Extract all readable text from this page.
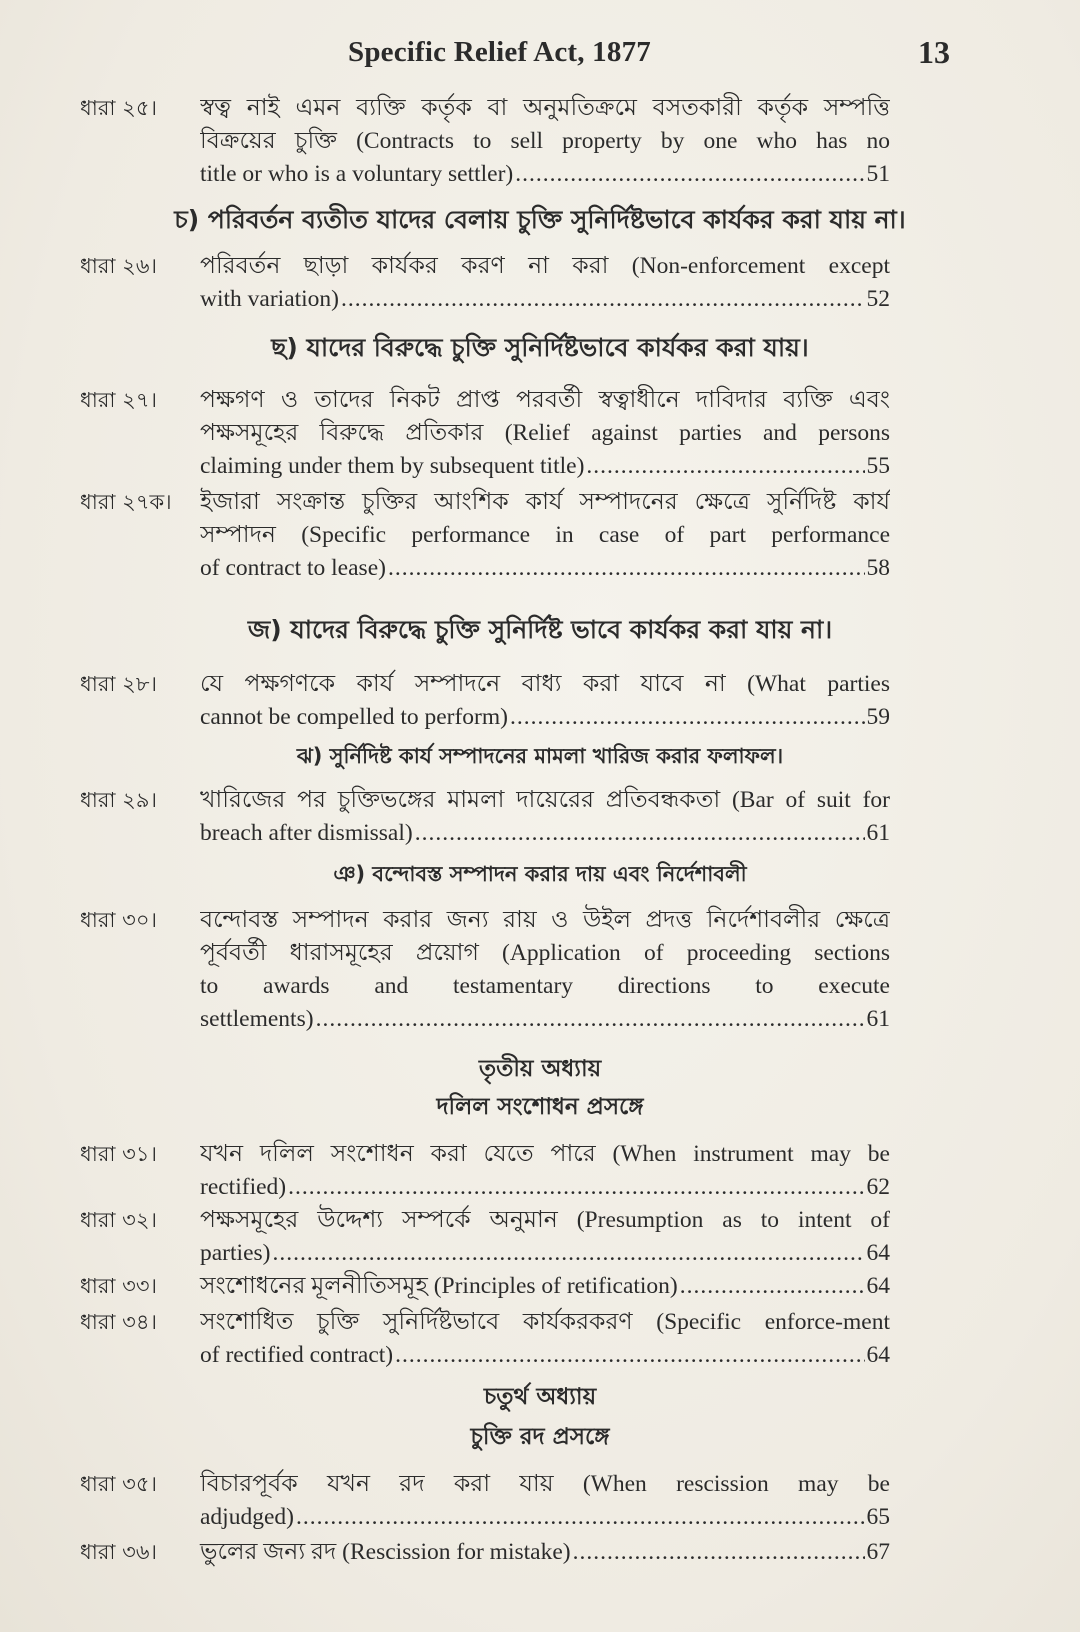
Specific Relief Act, 1877	13
ধারা ২৫।	স্বত্ব নাই এমন ব্যক্তি কর্তৃক বা অনুমতিক্রমে বসতকারী কর্তৃক সম্পত্তি
বিক্রয়ের চুক্তি (Contracts to sell property by one who has no
title or who is a voluntary settler) .....	51
চ) পরিবর্তন ব্যতীত যাদের বেলায় চুক্তি সুনির্দিষ্টভাবে কার্যকর করা যায় না।
ধারা ২৬।	পরিবর্তন ছাড়া কার্যকর করণ না করা (Non-enforcement except
with variation) .....	52
ছ) যাদের বিরুদ্ধে চুক্তি সুনির্দিষ্টভাবে কার্যকর করা যায়।
ধারা ২৭।	পক্ষগণ ও তাদের নিকট প্রাপ্ত পরবর্তী স্বত্বাধীনে দাবিদার ব্যক্তি এবং
পক্ষসমূহের বিরুদ্ধে প্রতিকার (Relief against parties and persons
claiming under them by subsequent title) .....	55
ধারা ২৭ক।	ইজারা সংক্রান্ত চুক্তির আংশিক কার্য সম্পাদনের ক্ষেত্রে সুর্নিদিষ্ট কার্য
সম্পাদন (Specific performance in case of part performance
of contract to lease) .....	58
জ) যাদের বিরুদ্ধে চুক্তি সুনির্দিষ্ট ভাবে কার্যকর করা যায় না।
ধারা ২৮।	যে পক্ষগণকে কার্য সম্পাদনে বাধ্য করা যাবে না (What parties
cannot be compelled to perform) .....	59
ঝ) সুর্নিদিষ্ট কার্য সম্পাদনের মামলা খারিজ করার ফলাফল।
ধারা ২৯।	খারিজের পর চুক্তিভঙ্গের মামলা দায়েরের প্রতিবন্ধকতা (Bar of suit for
breach after dismissal) .....	61
ঞ) বন্দোবস্ত সম্পাদন করার দায় এবং নির্দেশাবলী
ধারা ৩০।	বন্দোবস্ত সম্পাদন করার জন্য রায় ও উইল প্রদত্ত নির্দেশাবলীর ক্ষেত্রে
পূর্ববর্তী ধারাসমূহের প্রয়োগ (Application of proceeding sections
to awards and testamentary directions to execute
settlements) .....	61
তৃতীয় অধ্যায়
দলিল সংশোধন প্রসঙ্গে
ধারা ৩১।	যখন দলিল সংশোধন করা যেতে পারে (When instrument may be
rectified) .....	62
ধারা ৩২।	পক্ষসমূহের উদ্দেশ্য সম্পর্কে অনুমান (Presumption as to intent of
parties) .....	64
ধারা ৩৩।	সংশোধনের মূলনীতিসমূহ (Principles of retification) .....	64
ধারা ৩৪।	সংশোধিত চুক্তি সুনির্দিষ্টভাবে কার্যকরকরণ (Specific enforce-ment
of rectified contract) .....	64
চতুর্থ অধ্যায়
চুক্তি রদ প্রসঙ্গে
ধারা ৩৫।	বিচারপূর্বক যখন রদ করা যায় (When rescission may be
adjudged) .....	65
ধারা ৩৬।	ভুলের জন্য রদ (Rescission for mistake) .....	67
